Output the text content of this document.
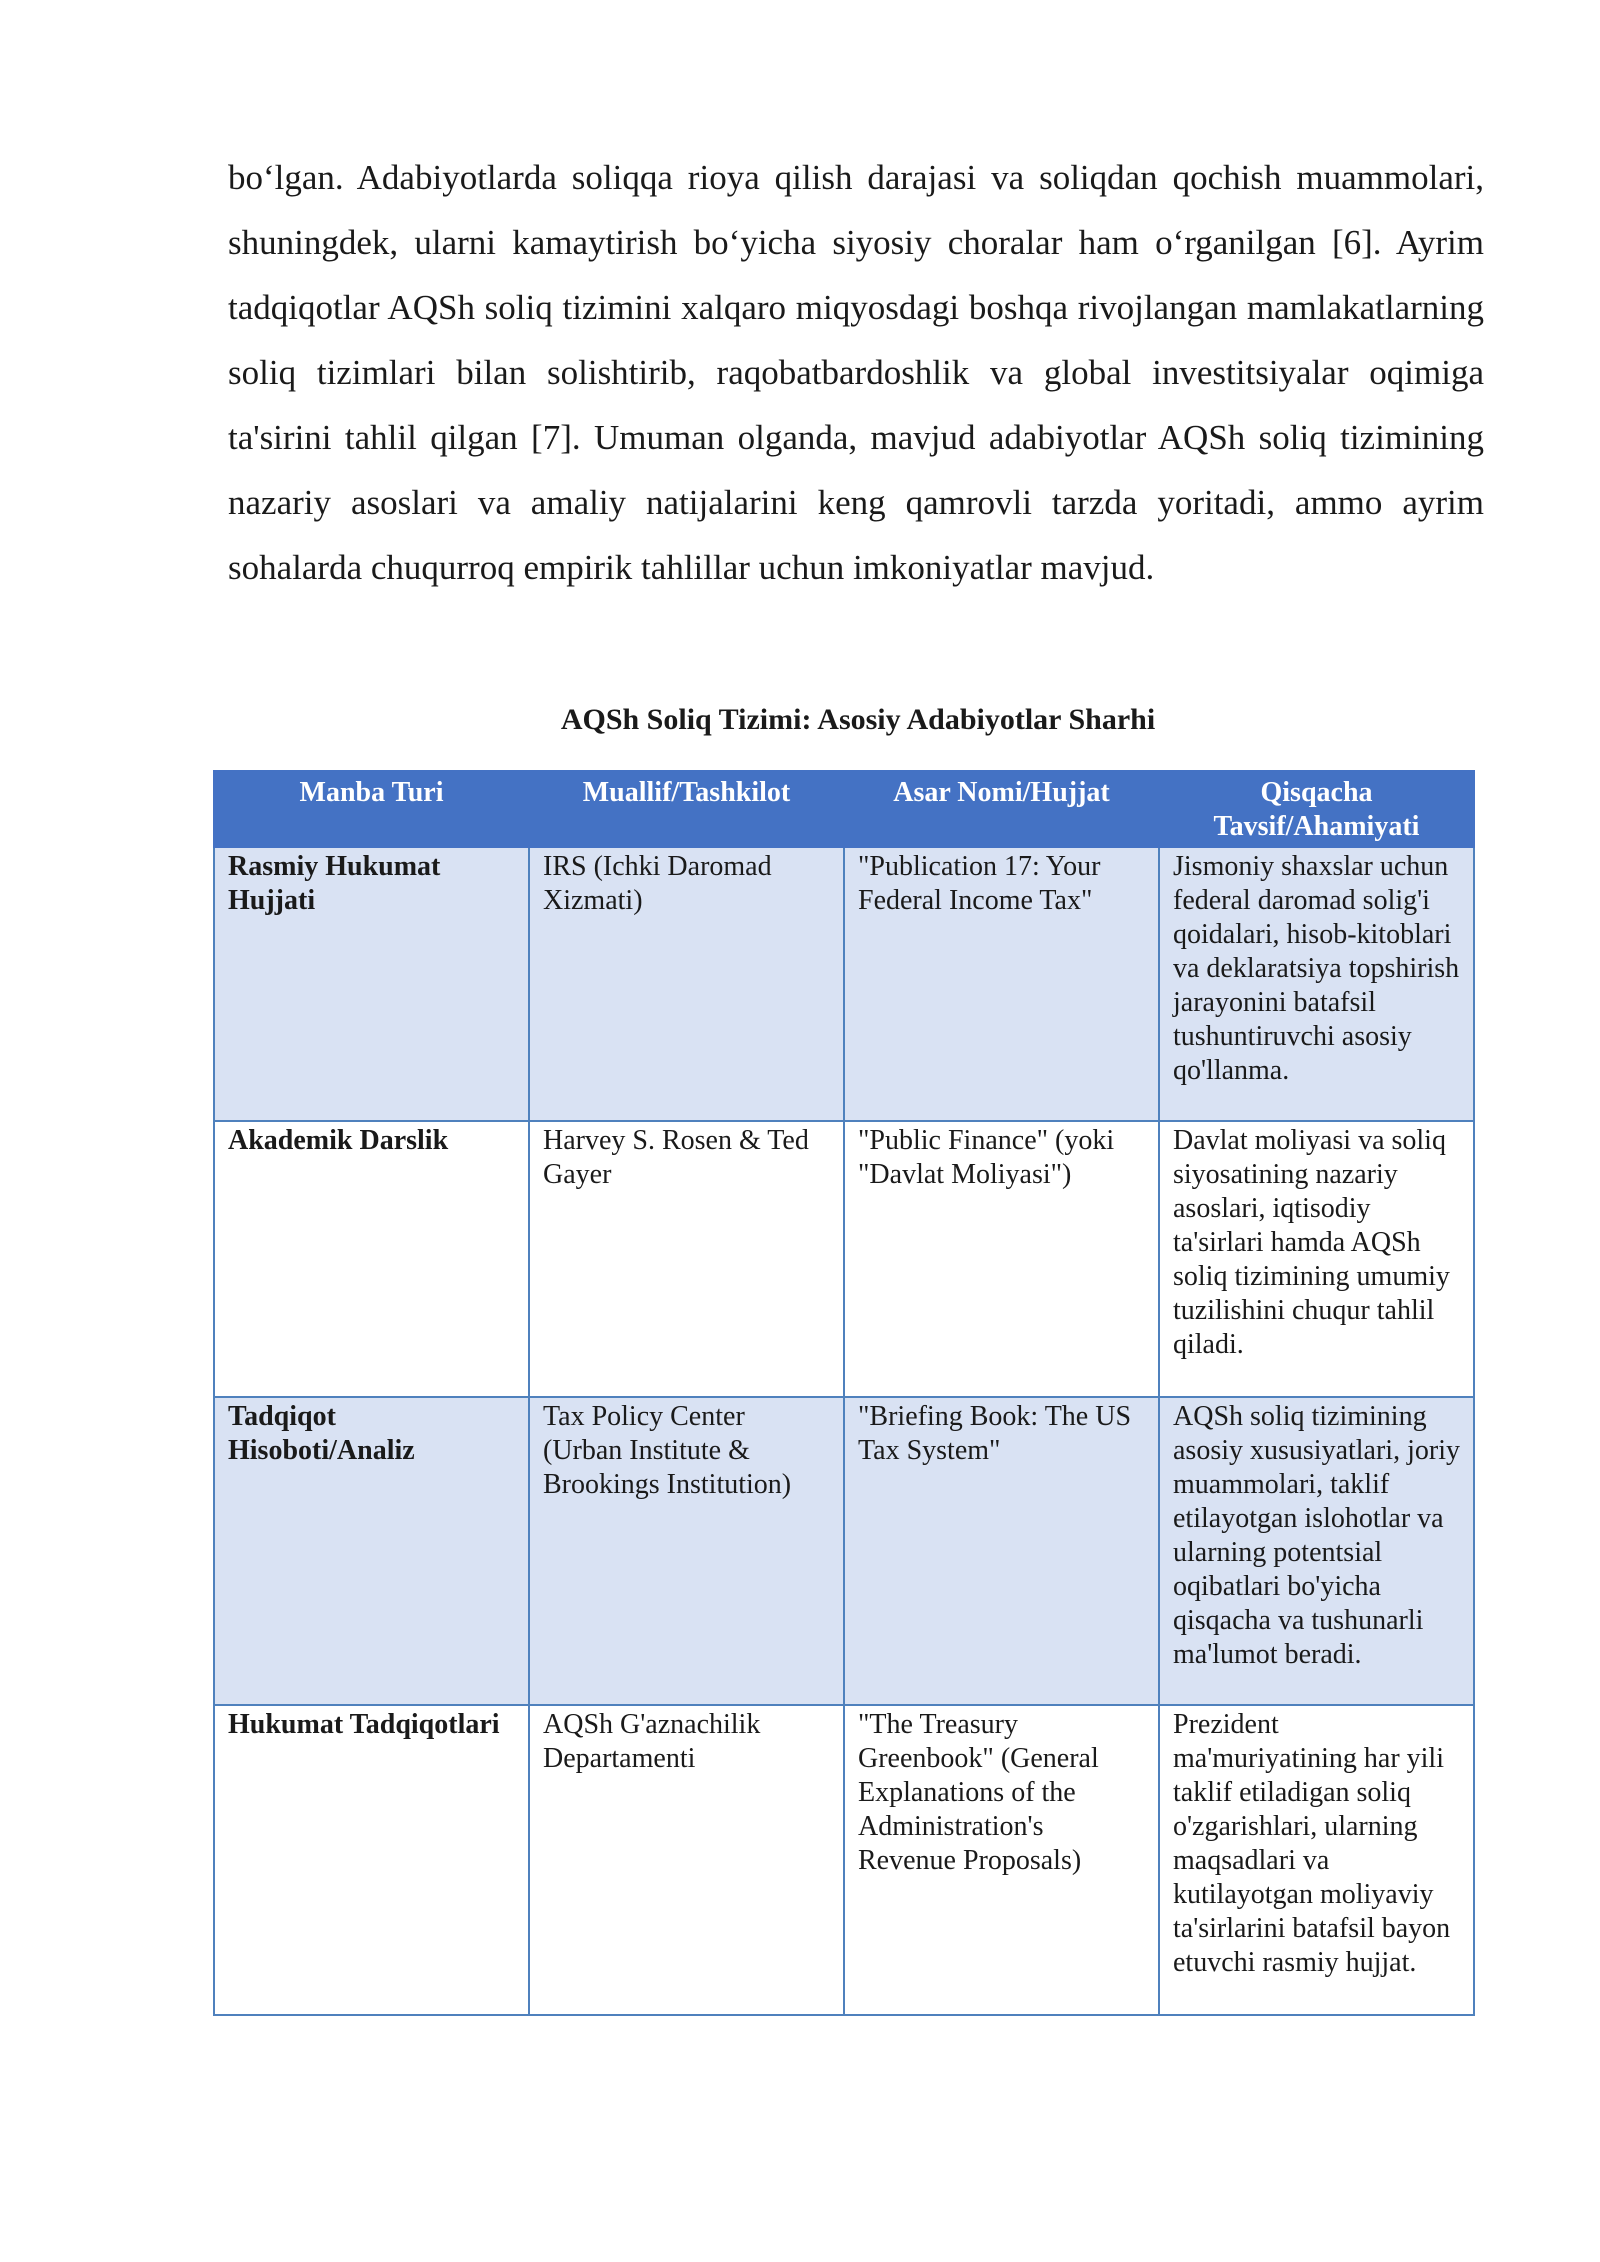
bo‘lgan. Adabiyotlarda soliqqa rioya qilish darajasi va soliqdan qochish muammolari, shuningdek, ularni kamaytirish bo‘yicha siyosiy choralar ham o‘rganilgan [6]. Ayrim tadqiqotlar AQSh soliq tizimini xalqaro miqyosdagi boshqa rivojlangan mamlakatlarning soliq tizimlari bilan solishtirib, raqobatbardoshlik va global investitsiyalar oqimiga ta'sirini tahlil qilgan [7]. Umuman olganda, mavjud adabiyotlar AQSh soliq tizimining nazariy asoslari va amaliy natijalarini keng qamrovli tarzda yoritadi, ammo ayrim sohalarda chuqurroq empirik tahlillar uchun imkoniyatlar mavjud.

AQSh Soliq Tizimi: Asosiy Adabiyotlar Sharhi

Manba Turi	Muallif/Tashkilot	Asar Nomi/Hujjat	Qisqacha Tavsif/Ahamiyati
Rasmiy Hukumat Hujjati	IRS (Ichki Daromad Xizmati)	"Publication 17: Your Federal Income Tax"	Jismoniy shaxslar uchun federal daromad solig'i qoidalari, hisob-kitoblari va deklaratsiya topshirish jarayonini batafsil tushuntiruvchi asosiy qo'llanma.
Akademik Darslik	Harvey S. Rosen & Ted Gayer	"Public Finance" (yoki "Davlat Moliyasi")	Davlat moliyasi va soliq siyosatining nazariy asoslari, iqtisodiy ta'sirlari hamda AQSh soliq tizimining umumiy tuzilishini chuqur tahlil qiladi.
Tadqiqot Hisoboti/Analiz	Tax Policy Center (Urban Institute & Brookings Institution)	"Briefing Book: The US Tax System"	AQSh soliq tizimining asosiy xususiyatlari, joriy muammolari, taklif etilayotgan islohotlar va ularning potentsial oqibatlari bo'yicha qisqacha va tushunarli ma'lumot beradi.
Hukumat Tadqiqotlari	AQSh G'aznachilik Departamenti	"The Treasury Greenbook" (General Explanations of the Administration's Revenue Proposals)	Prezident ma'muriyatining har yili taklif etiladigan soliq o'zgarishlari, ularning maqsadlari va kutilayotgan moliyaviy ta'sirlarini batafsil bayon etuvchi rasmiy hujjat.
